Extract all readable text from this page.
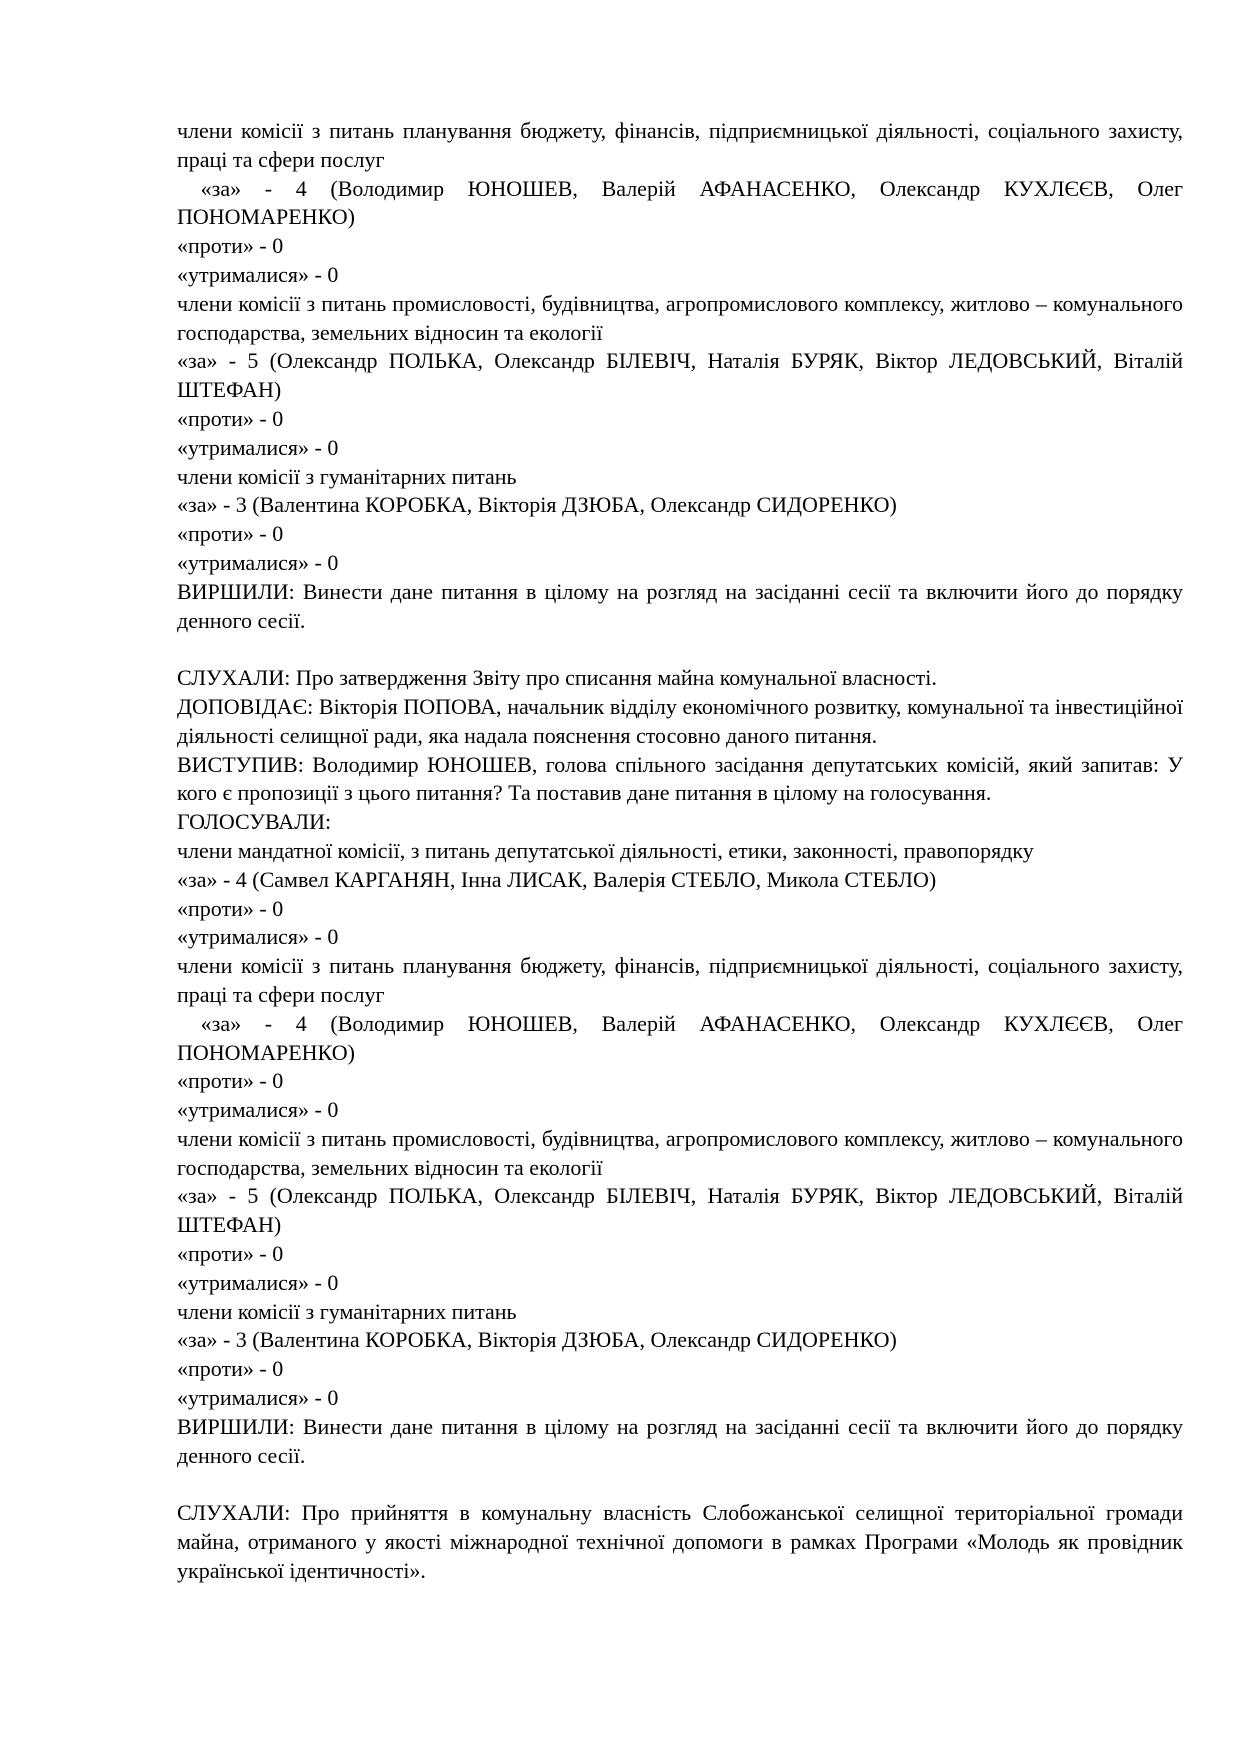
члени комісії з питань планування бюджету, фінансів, підприємницької діяльності, соціального захисту, праці та сфери послуг

«за» - 4 (Володимир ЮНОШЕВ, Валерій АФАНАСЕНКО, Олександр КУХЛЄЄВ, Олег ПОНОМАРЕНКО)

«проти» - 0

«утрималися» - 0

члени комісії з питань промисловості, будівництва, агропромислового комплексу, житлово – комунального господарства, земельних відносин та екології

«за» - 5 (Олександр ПОЛЬКА, Олександр БІЛЕВІЧ, Наталія БУРЯК, Віктор ЛЕДОВСЬКИЙ, Віталій ШТЕФАН)

«проти» - 0

«утрималися» - 0

члени комісії з гуманітарних питань

«за» - 3 (Валентина КОРОБКА, Вікторія ДЗЮБА, Олександр СИДОРЕНКО)

«проти» - 0

«утрималися» - 0

ВИРШИЛИ: Винести дане питання в цілому на розгляд на засіданні сесії та включити його до порядку денного сесії.

СЛУХАЛИ: Про затвердження Звіту про списання майна комунальної власності.

ДОПОВІДАЄ: Вікторія ПОПОВА, начальник відділу економічного розвитку, комунальної та інвестиційної діяльності селищної ради, яка надала пояснення стосовно даного питання.

ВИСТУПИВ: Володимир ЮНОШЕВ, голова спільного засідання депутатських комісій, який запитав: У кого є пропозиції з цього питання? Та поставив дане питання в цілому на голосування.

ГОЛОСУВАЛИ:

члени мандатної комісії, з питань депутатської діяльності, етики, законності, правопорядку

«за» - 4 (Самвел КАРГАНЯН, Інна ЛИСАК, Валерія СТЕБЛО, Микола СТЕБЛО)

«проти» - 0

«утрималися» - 0

члени комісії з питань планування бюджету, фінансів, підприємницької діяльності, соціального захисту, праці та сфери послуг

«за» - 4 (Володимир ЮНОШЕВ, Валерій АФАНАСЕНКО, Олександр КУХЛЄЄВ, Олег ПОНОМАРЕНКО)

«проти» - 0

«утрималися» - 0

члени комісії з питань промисловості, будівництва, агропромислового комплексу, житлово – комунального господарства, земельних відносин та екології

«за» - 5 (Олександр ПОЛЬКА, Олександр БІЛЕВІЧ, Наталія БУРЯК, Віктор ЛЕДОВСЬКИЙ, Віталій ШТЕФАН)

«проти» - 0

«утрималися» - 0

члени комісії з гуманітарних питань

«за» - 3 (Валентина КОРОБКА, Вікторія ДЗЮБА, Олександр СИДОРЕНКО)

«проти» - 0

«утрималися» - 0

ВИРШИЛИ: Винести дане питання в цілому на розгляд на засіданні сесії та включити його до порядку денного сесії.

СЛУХАЛИ: Про прийняття в комунальну власність Слобожанської селищної територіальної громади майна, отриманого у якості міжнародної технічної допомоги в рамках Програми «Молодь як провідник української ідентичності».
